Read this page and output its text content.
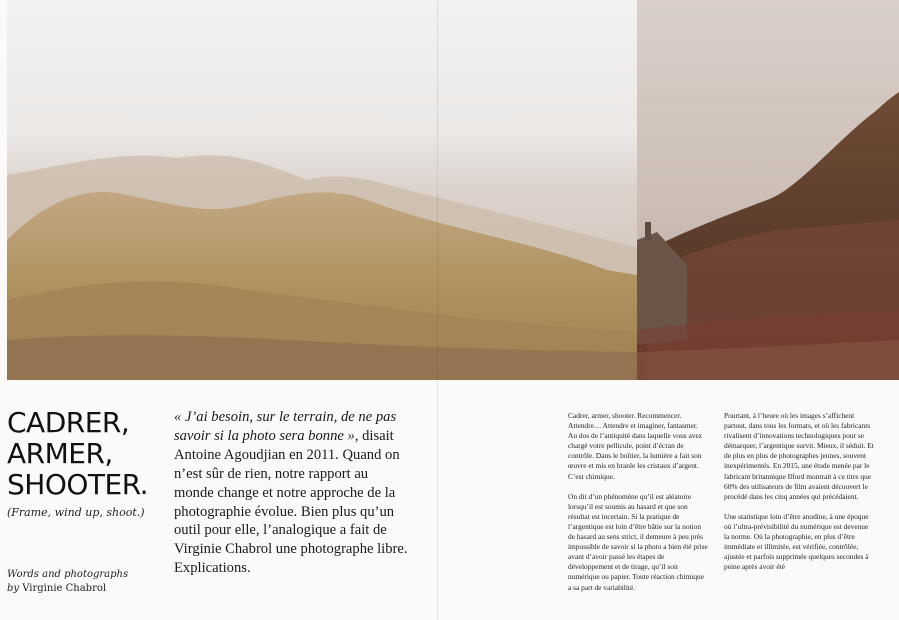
CADRER,
ARMER,
SHOOTER.
(Frame, wind up, shoot.)
Words and photographs
by Virginie Chabrol

« J’ai besoin, sur le terrain, de ne pas savoir si la photo sera bonne », disait Antoine Agoudjian en 2011. Quand on n’est sûr de rien, notre rapport au monde change et notre approche de la photographie évolue. Bien plus qu’un outil pour elle, l’analogique a fait de Virginie Chabrol une photographe libre. Explications.

Cadrer, armer, shooter. Recommencer. Attendre… Attendre et imaginer, fantasmer. Au dos de l’antiquité dans laquelle vous avez chargé votre pellicule, point d’écran de contrôle. Dans le boîtier, la lumière a fait son œuvre et mis en branle les cristaux d’argent. C’est chimique.

On dit d’un phénomène qu’il est aléatoire lorsqu’il est soumis au hasard et que son résultat est incertain. Si la pratique de l’argentique est loin d’être bâtie sur la notion de hasard au sens strict, il demeure à peu près impossible de savoir si la photo a bien été prise avant d’avoir passé les étapes de développement et de tirage, qu’il soit numérique ou papier. Toute réaction chimique a sa part de variabilité.

Pourtant, à l’heure où les images s’affichent partout, dans tous les formats, et où les fabricants rivalisent d’innovations technologiques pour se démarquer, l’argentique survit. Mieux, il séduit. Et de plus en plus de photographes jeunes, souvent inexpérimentés. En 2015, une étude menée par le fabricant britannique Ilford montrait à ce titre que 60% des utilisateurs de film avaient découvert le procédé dans les cinq années qui précédaient.

Une statistique loin d’être anodine, à une époque où l’ultra-prévisibilité du numérique est devenue la norme. Où la photographie, en plus d’être immédiate et illimitée, est vérifiée, contrôlée, ajustée et parfois supprimée quelques secondes à peine après avoir été
